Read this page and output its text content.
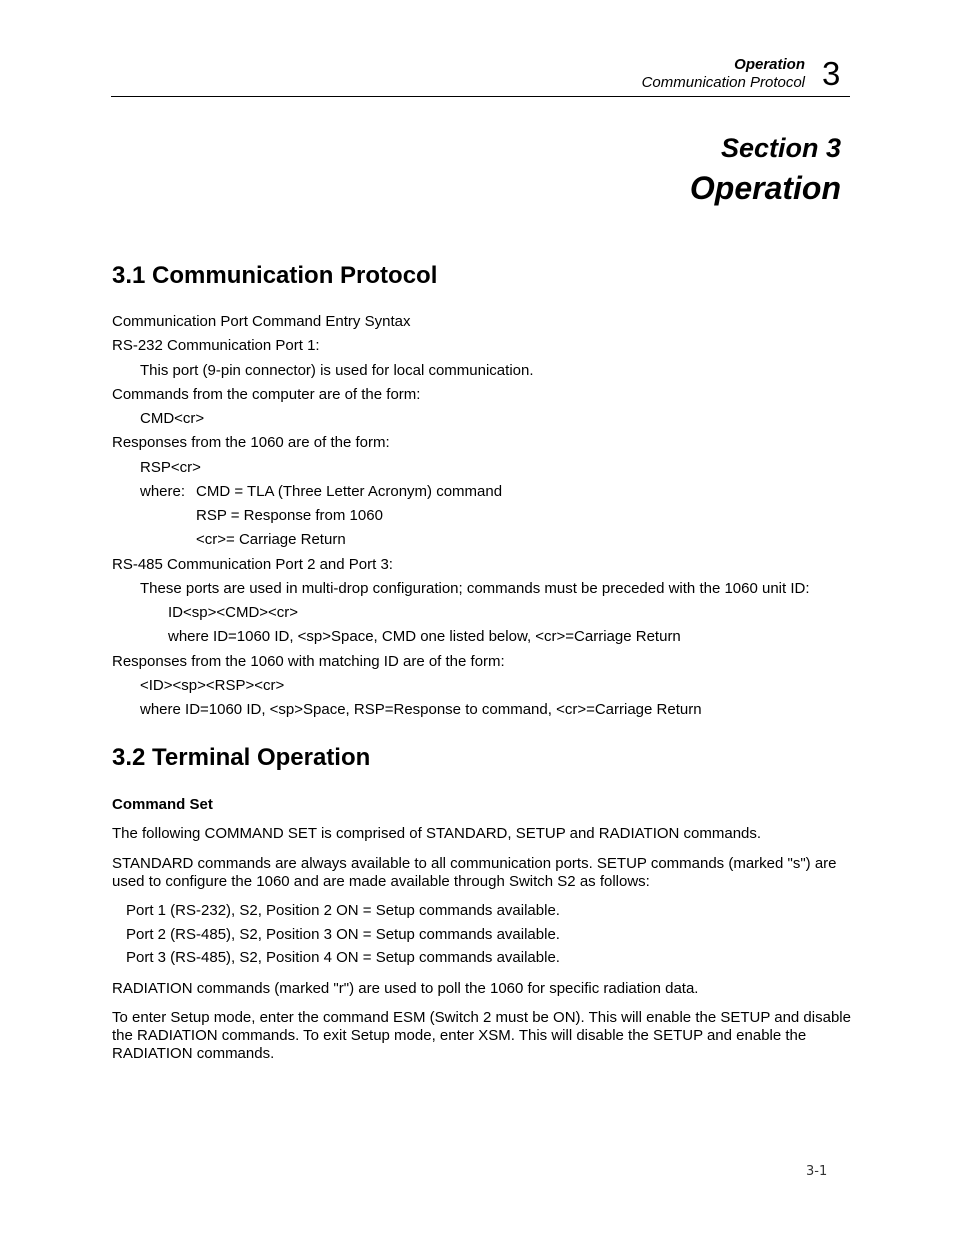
Operation
Communication Protocol 3
Section 3
Operation
3.1 Communication Protocol
Communication Port Command Entry Syntax
RS-232 Communication Port 1:
This port (9-pin connector) is used for local communication.
Commands from the computer are of the form:
CMD<cr>
Responses from the 1060 are of the form:
RSP<cr>
where: CMD = TLA (Three Letter Acronym) command
RSP = Response from 1060
<cr>= Carriage Return
RS-485 Communication Port 2 and Port 3:
These ports are used in multi-drop configuration; commands must be preceded with the 1060 unit ID:
ID<sp><CMD><cr>
where ID=1060 ID, <sp>Space, CMD one listed below, <cr>=Carriage Return
Responses from the 1060 with matching ID are of the form:
<ID><sp><RSP><cr>
where ID=1060 ID, <sp>Space, RSP=Response to command, <cr>=Carriage Return
3.2 Terminal Operation
Command Set
The following COMMAND SET is comprised of STANDARD, SETUP and RADIATION commands.
STANDARD commands are always available to all communication ports. SETUP commands (marked "s") are used to configure the 1060 and are made available through Switch S2 as follows:
Port 1 (RS-232), S2, Position 2 ON = Setup commands available.
Port 2 (RS-485), S2, Position 3 ON = Setup commands available.
Port 3 (RS-485), S2, Position 4 ON = Setup commands available.
RADIATION commands (marked "r") are used to poll the 1060 for specific radiation data.
To enter Setup mode, enter the command ESM (Switch 2 must be ON). This will enable the SETUP and disable the RADIATION commands. To exit Setup mode, enter XSM. This will disable the SETUP and enable the RADIATION commands.
3-1
